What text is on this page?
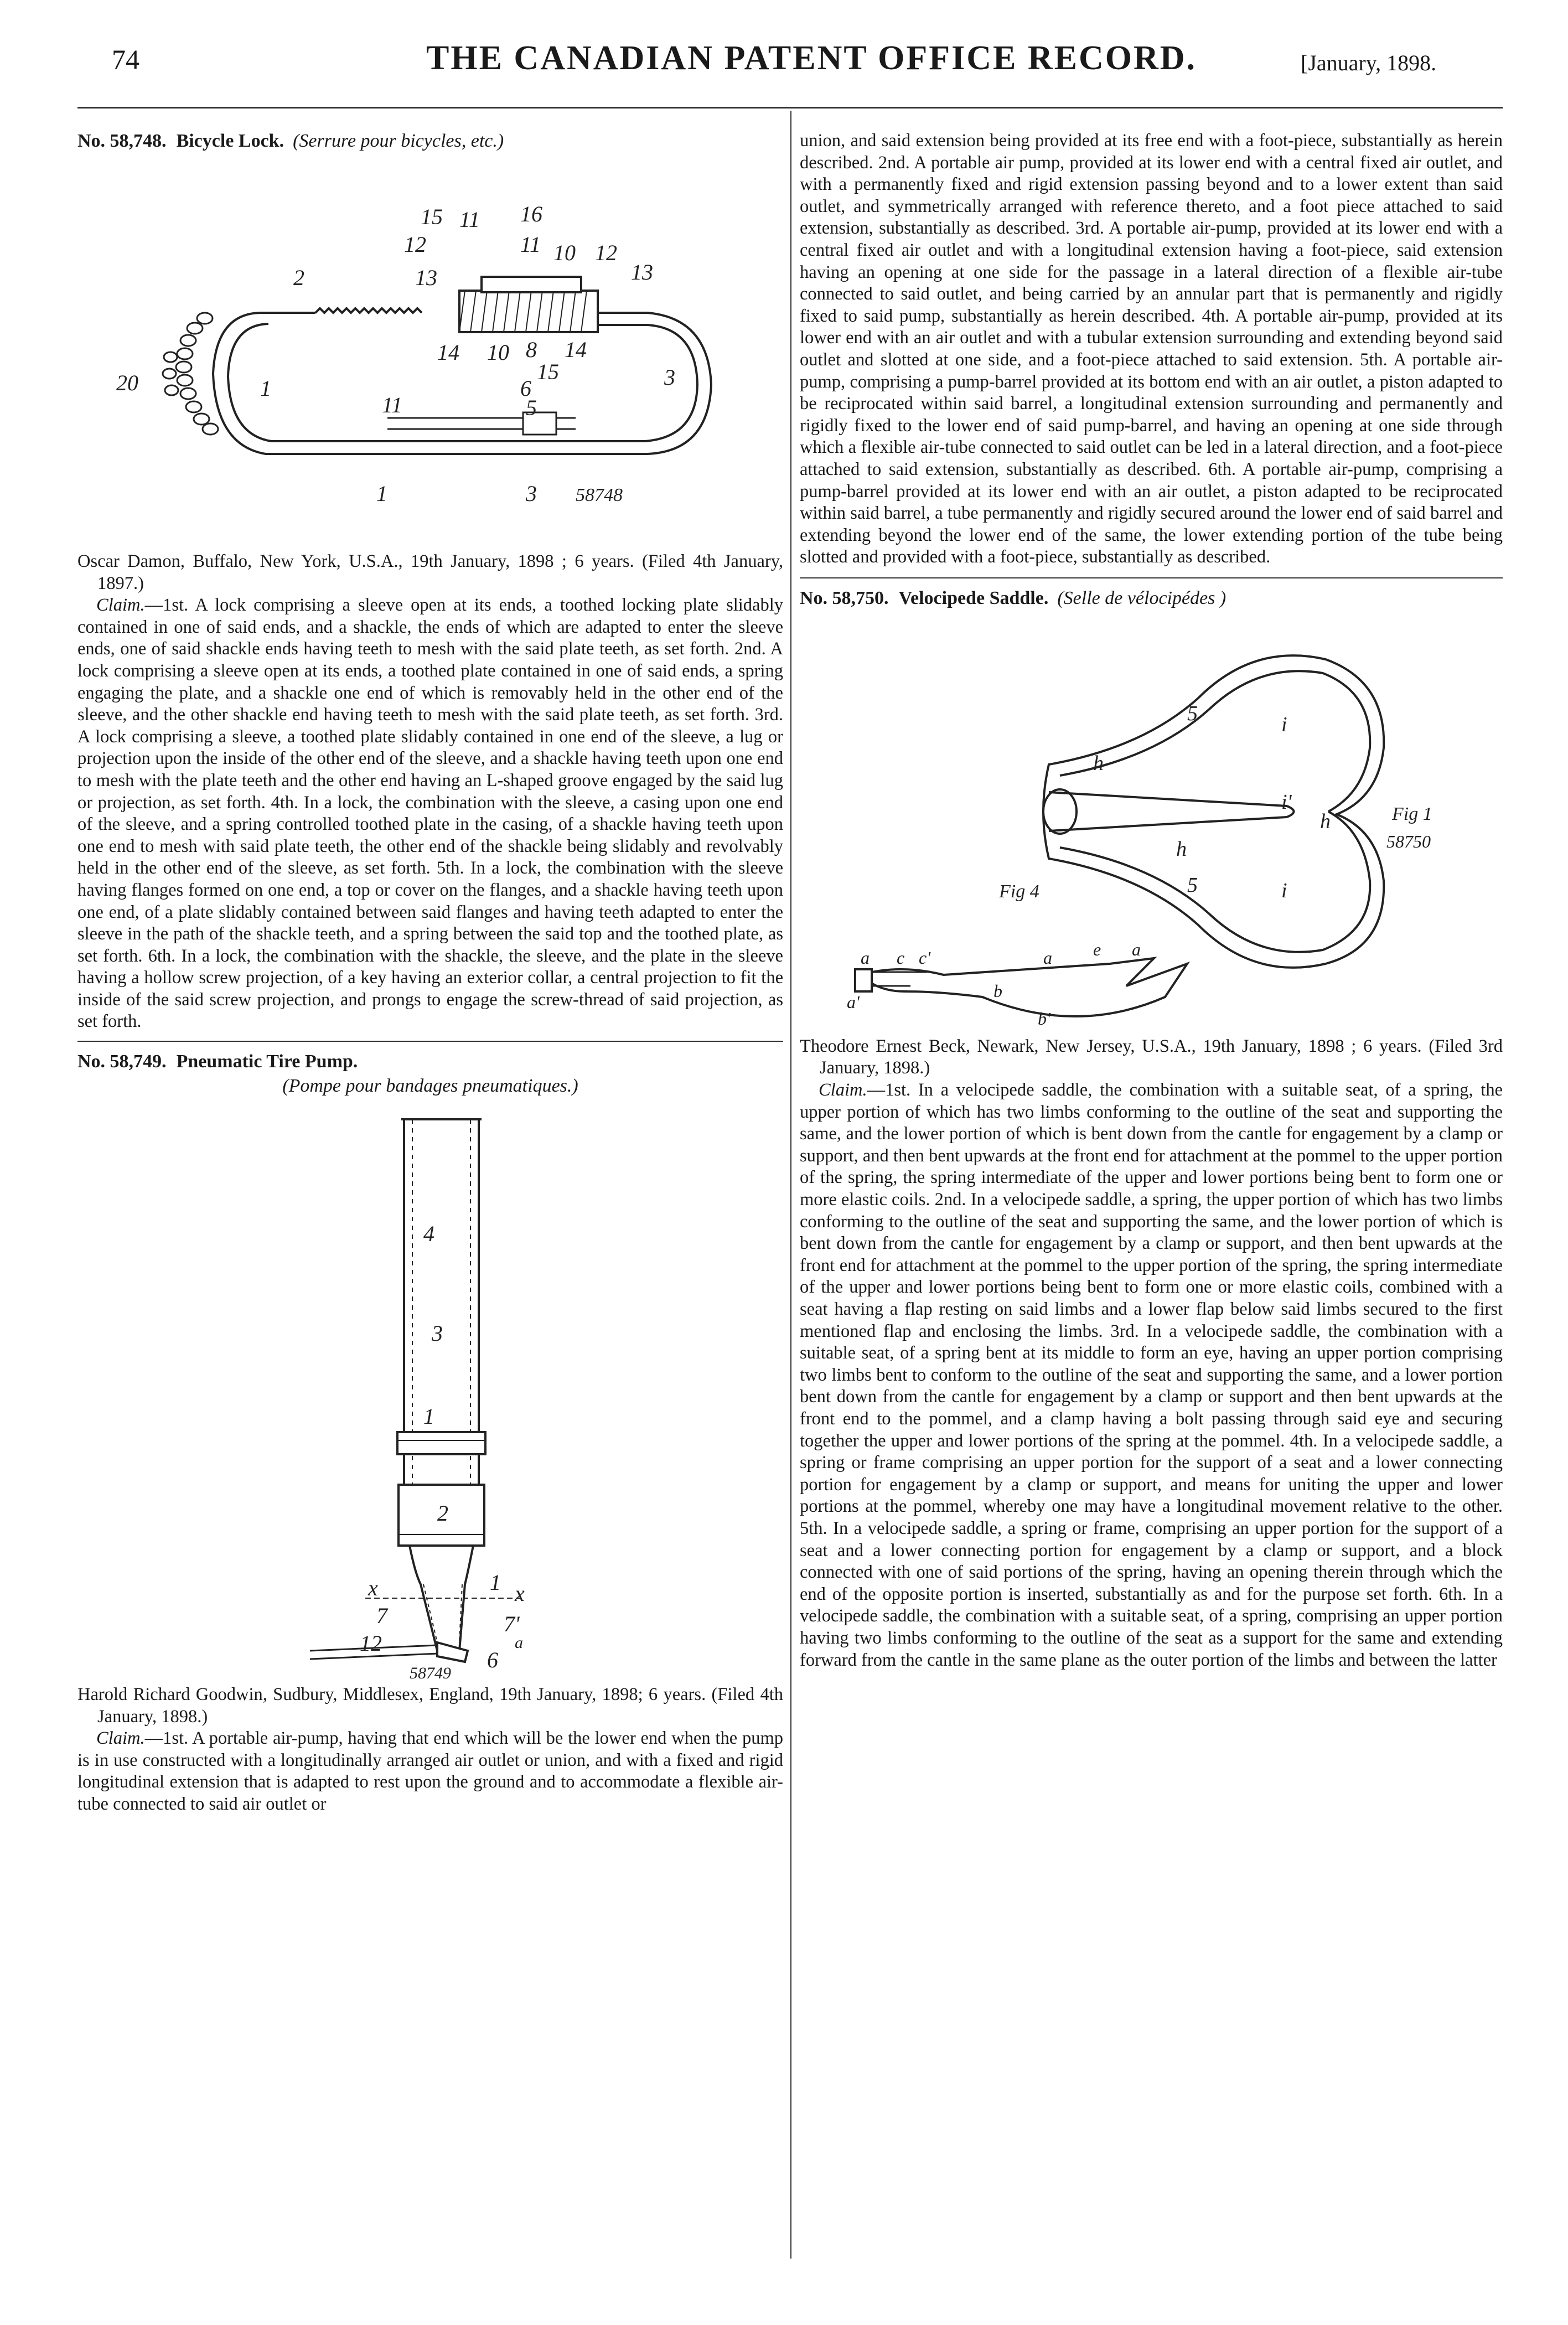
74	THE CANADIAN PATENT OFFICE RECORD.	[January, 1898.
No. 58,748. Bicycle Lock. (Serrure pour bicycles, etc.)
15 11 16
12	11 10 12
2	13	13
14 10 8 14
15	3
20	1	6
11	5
1	3 58748

Oscar Damon, Buffalo, New York, U.S.A., 19th January, 1898 ; 6 years. (Filed 4th January, 1897.)

Claim.—1st. A lock comprising a sleeve open at its ends, a toothed locking plate slidably contained in one of said ends, and a shackle, the ends of which are adapted to enter the sleeve ends, one of said shackle ends having teeth to mesh with the said plate teeth, as set forth. 2nd. A lock comprising a sleeve open at its ends, a toothed plate contained in one of said ends, a spring engaging the plate, and a shackle one end of which is removably held in the other end of the sleeve, and the other shackle end having teeth to mesh with the said plate teeth, as set forth. 3rd. A lock comprising a sleeve, a toothed plate slidably contained in one end of the sleeve, a lug or projection upon the inside of the other end of the sleeve, and a shackle having teeth upon one end to mesh with the plate teeth and the other end having an L-shaped groove engaged by the said lug or projection, as set forth. 4th. In a lock, the combination with the sleeve, a casing upon one end of the sleeve, and a spring controlled toothed plate in the casing, of a shackle having teeth upon one end to mesh with said plate teeth, the other end of the shackle being slidably and revolvably held in the other end of the sleeve, as set forth. 5th. In a lock, the combination with the sleeve having flanges formed on one end, a top or cover on the flanges, and a shackle having teeth upon one end, of a plate slidably contained between said flanges and having teeth adapted to enter the sleeve in the path of the shackle teeth, and a spring between the said top and the toothed plate, as set forth. 6th. In a lock, the combination with the shackle, the sleeve, and the plate in the sleeve having a hollow screw projection, of a key having an exterior collar, a central projection to fit the inside of the said screw projection, and prongs to engage the screw-thread of said projection, as set forth.

No. 58,749. Pneumatic Tire Pump.

(Pompe pour bandages pneumatiques.)

4
3
1
2
x	1 x
7	7'
a
12
6
58749

Harold Richard Goodwin, Sudbury, Middlesex, England, 19th January, 1898; 6 years. (Filed 4th January, 1898.)

Claim.—1st. A portable air-pump, having that end which will be the lower end when the pump is in use constructed with a longitudinally arranged air outlet or union, and with a fixed and rigid longitudinal extension that is adapted to rest upon the ground and to accommodate a flexible air-tube connected to said air outlet or

union, and said extension being provided at its free end with a foot-piece, substantially as herein described. 2nd. A portable air pump, provided at its lower end with a central fixed air outlet, and with a permanently fixed and rigid extension passing beyond and to a lower extent than said outlet, and symmetrically arranged with reference thereto, and a foot piece attached to said extension, substantially as described. 3rd. A portable air-pump, provided at its lower end with a central fixed air outlet and with a longitudinal extension having a foot-piece, said extension having an opening at one side for the passage in a lateral direction of a flexible air-tube connected to said outlet, and being carried by an annular part that is permanently and rigidly fixed to said pump, substantially as herein described. 4th. A portable air-pump, provided at its lower end with an air outlet and with a tubular extension surrounding and extending beyond said outlet and slotted at one side, and a foot-piece attached to said extension. 5th. A portable air-pump, comprising a pump-barrel provided at its bottom end with an air outlet, a piston adapted to be reciprocated within said barrel, a longitudinal extension surrounding and permanently and rigidly fixed to the lower end of said pump-barrel, and having an opening at one side through which a flexible air-tube connected to said outlet can be led in a lateral direction, and a foot-piece attached to said extension, substantially as described. 6th. A portable air-pump, comprising a pump-barrel provided at its lower end with an air outlet, a piston adapted to be reciprocated within said barrel, a tube permanently and rigidly secured around the lower end of said barrel and extending beyond the lower end of the same, the lower extending portion of the tube being slotted and provided with a foot-piece, substantially as described.

No. 58,750. Velocipede Saddle. (Selle de vélocipédes )
5	i
h
i'
h	Fig 1
58750
h
5	i
Fig 4
a c c'	a e a
b
b'
a'

Theodore Ernest Beck, Newark, New Jersey, U.S.A., 19th January, 1898 ; 6 years. (Filed 3rd January, 1898.)

Claim.—1st. In a velocipede saddle, the combination with a suitable seat, of a spring, the upper portion of which has two limbs conforming to the outline of the seat and supporting the same, and the lower portion of which is bent down from the cantle for engagement by a clamp or support, and then bent upwards at the front end for attachment at the pommel to the upper portion of the spring, the spring intermediate of the upper and lower portions being bent to form one or more elastic coils. 2nd. In a velocipede saddle, a spring, the upper portion of which has two limbs conforming to the outline of the seat and supporting the same, and the lower portion of which is bent down from the cantle for engagement by a clamp or support, and then bent upwards at the front end for attachment at the pommel to the upper portion of the spring, the spring intermediate of the upper and lower portions being bent to form one or more elastic coils, combined with a seat having a flap resting on said limbs and a lower flap below said limbs secured to the first mentioned flap and enclosing the limbs. 3rd. In a velocipede saddle, the combination with a suitable seat, of a spring bent at its middle to form an eye, having an upper portion comprising two limbs bent to conform to the outline of the seat and supporting the same, and a lower portion bent down from the cantle for engagement by a clamp or support and then bent upwards at the front end to the pommel, and a clamp having a bolt passing through said eye and securing together the upper and lower portions of the spring at the pommel. 4th. In a velocipede saddle, a spring or frame comprising an upper portion for the support of a seat and a lower connecting portion for engagement by a clamp or support, and means for uniting the upper and lower portions at the pommel, whereby one may have a longitudinal movement relative to the other. 5th. In a velocipede saddle, a spring or frame, comprising an upper portion for the support of a seat and a lower connecting portion for engagement by a clamp or support, and a block connected with one of said portions of the spring, having an opening therein through which the end of the opposite portion is inserted, substantially as and for the purpose set forth. 6th. In a velocipede saddle, the combination with a suitable seat, of a spring, comprising an upper portion having two limbs conforming to the outline of the seat as a support for the same and extending forward from the cantle in the same plane as the outer portion of the limbs and between the latter
